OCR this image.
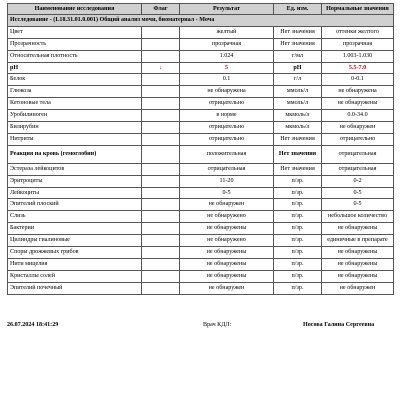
Наименование исследования	Флаг	Результат	Ед. изм.	Нормальные значения
Исследование - (L18.31.01.0.001) Общий анализ мочи, биоматериал - Моча				
Цвет		желтый	Нет значения	оттенки желтого
Прозрачность		прозрачная	Нет значения	прозрачная
Относительная плотность		1.024	г/мл	1.003-1.030
pH	↓	5	pH	5.5-7.0
Белок		0.1	г/л	0-0.1
Глюкоза		не обнаружена	ммоль/л	не обнаружена
Кетоновые тела		отрицательно	ммоль/л	не обнаружены
Уробилиноген		в норме	мкмоль/л	0.0-34.0
Билирубин		отрицательно	мкмоль/л	не обнаружен
Нитриты		отрицательно	Нет значения	отрицательно
Реакция на кровь (гемоглобин)		положительная	Нет значения	отрицательная
Эстераза лейкоцитов		отрицательная	Нет значения	отрицательная
Эритроциты		11-20	п/зр.	0-2
Лейкоциты		0-5	п/зр.	0-5
Эпителий плоский		не обнаружен	п/зр.	0-5
Слизь		не обнаружено	п/зр.	небольшое количество
Бактерии		не обнаружены	п/зр.	не обнаружены
Цилиндры гиалиновые		не обнаружено	п/зр.	единичные в препарате
Споры дрожжевых грибов		не обнаружены	п/зр.	не обнаружены
Нити мицелия		не обнаружены	п/зр.	не обнаружены
Кристаллы солей		не обнаружены	п/зр.	не обнаружены
Эпителий почечный		не обнаружен	п/зр.	не обнаружен
26.07.2024 18:41:29	Врач КДЛ:	Носова Галина Сергеевна
